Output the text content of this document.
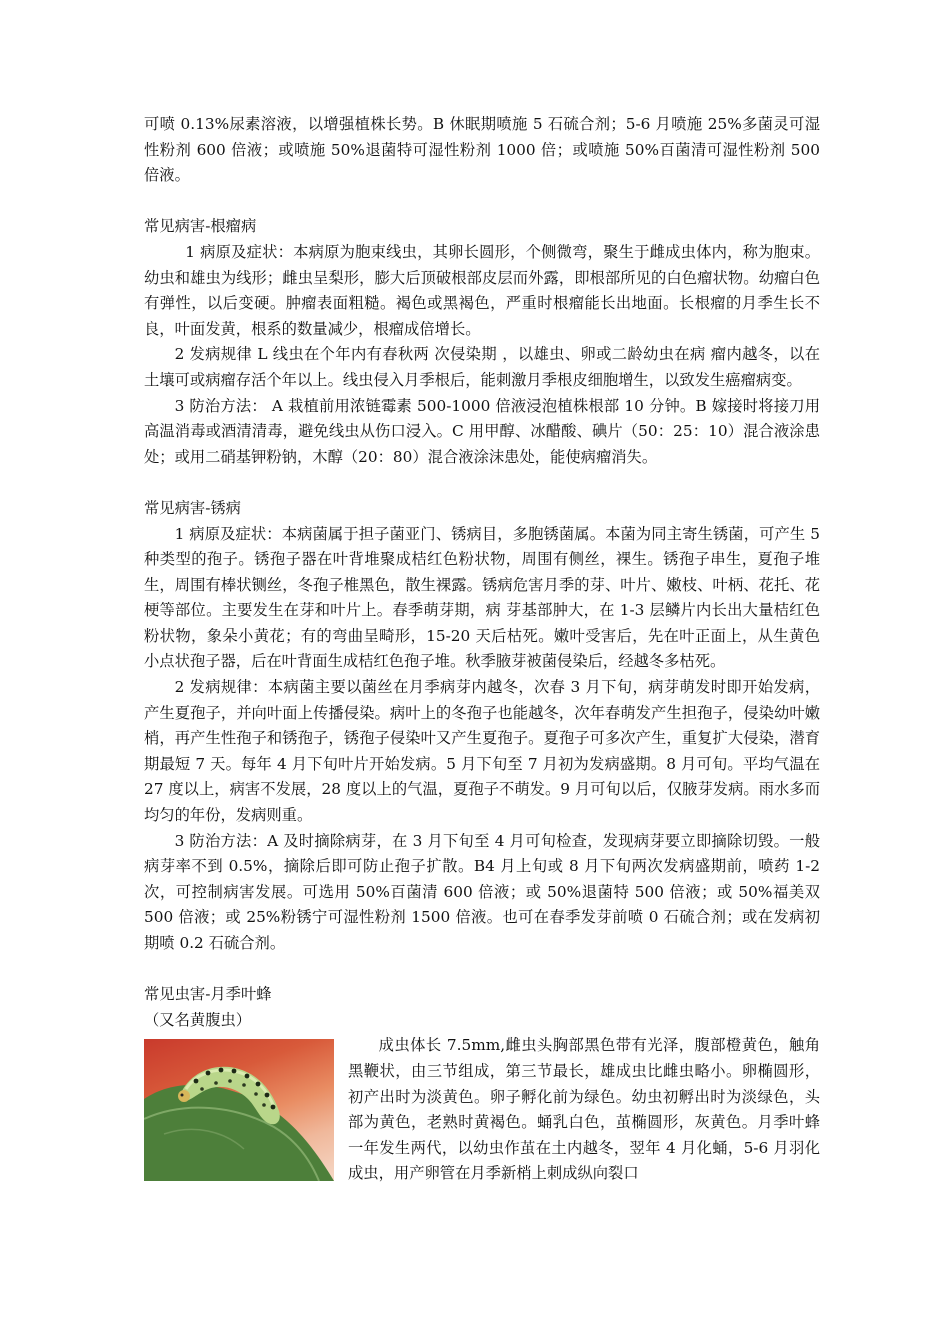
可喷 0.13%尿素溶液，以增强植株长势。B 休眠期喷施 5 石硫合剂；5-6 月喷施 25%多菌灵可湿性粉剂 600 倍液；或喷施 50%退菌特可湿性粉剂 1000 倍；或喷施 50%百菌清可湿性粉剂 500 倍液。

常见病害-根瘤病

1 病原及症状：本病原为胞束线虫，其卵长圆形，个侧微弯，聚生于雌成虫体内，称为胞束。幼虫和雄虫为线形；雌虫呈梨形，膨大后顶破根部皮层而外露，即根部所见的白色瘤状物。幼瘤白色有弹性，以后变硬。肿瘤表面粗糙。褐色或黑褐色，严重时根瘤能长出地面。长根瘤的月季生长不良，叶面发黄，根系的数量减少，根瘤成倍增长。

2 发病规律 L 线虫在个年内有春秋两 次侵染期 ，以雄虫、卵或二龄幼虫在病 瘤内越冬，以在土壤可或病瘤存活个年以上。线虫侵入月季根后，能刺激月季根皮细胞增生，以致发生癌瘤病变。

3 防治方法： A 栽植前用浓链霉素 500-1000 倍液浸泡植株根部 10 分钟。B 嫁接时将接刀用高温消毒或酒清清毒，避免线虫从伤口浸入。C 用甲醇、冰醋酸、碘片（50：25：10）混合液涂患处；或用二硝基钾粉钠，木醇（20：80）混合液涂沫患处，能使病瘤消失。

常见病害-锈病

1 病原及症状：本病菌属于担子菌亚门、锈病目，多胞锈菌属。本菌为同主寄生锈菌，可产生 5 种类型的孢子。锈孢子器在叶背堆聚成桔红色粉状物，周围有侧丝，裸生。锈孢子串生，夏孢子堆生，周围有棒状铡丝，冬孢子椎黑色，散生裸露。锈病危害月季的芽、叶片、嫩枝、叶柄、花托、花梗等部位。主要发生在芽和叶片上。春季萌芽期，病 芽基部肿大，在 1-3 层鳞片内长出大量桔红色粉状物，象朵小黄花；有的弯曲呈畸形，15-20 天后枯死。嫩叶受害后，先在叶正面上，从生黄色小点状孢子器，后在叶背面生成桔红色孢子堆。秋季腋芽被菌侵染后，经越冬多枯死。

2 发病规律：本病菌主要以菌丝在月季病芽内越冬，次春 3 月下旬，病芽萌发时即开始发病，产生夏孢子，并向叶面上传播侵染。病叶上的冬孢子也能越冬，次年春萌发产生担孢子，侵染幼叶嫩梢，再产生性孢子和锈孢子，锈孢子侵染叶又产生夏孢子。夏孢子可多次产生，重复扩大侵染，潜育期最短 7 天。每年 4 月下旬叶片开始发病。5 月下旬至 7 月初为发病盛期。8 月可旬。平均气温在 27 度以上，病害不发展，28 度以上的气温，夏孢子不萌发。9 月可旬以后，仅腋芽发病。雨水多而均匀的年份，发病则重。

3 防治方法：A 及时摘除病芽，在 3 月下旬至 4 月可旬检查，发现病芽要立即摘除切毁。一般病芽率不到 0.5%，摘除后即可防止孢子扩散。B4 月上旬或 8 月下旬两次发病盛期前，喷药 1-2 次，可控制病害发展。可选用 50%百菌清 600 倍液；或 50%退菌特 500 倍液；或 50%福美双 500 倍液；或 25%粉锈宁可湿性粉剂 1500 倍液。也可在春季发芽前喷 0 石硫合剂；或在发病初期喷 0.2 石硫合剂。

常见虫害-月季叶蜂

（又名黄腹虫）

成虫体长 7.5mm,雌虫头胸部黑色带有光泽，腹部橙黄色，触角黑鞭状，由三节组成，第三节最长，雄成虫比雌虫略小。卵椭圆形，初产出时为淡黄色。卵子孵化前为绿色。幼虫初孵出时为淡绿色，头部为黄色，老熟时黄褐色。蛹乳白色，茧椭圆形，灰黄色。月季叶蜂一年发生两代，以幼虫作茧在土内越冬，翌年 4 月化蛹，5-6 月羽化成虫，用产卵管在月季新梢上刺成纵向裂口
